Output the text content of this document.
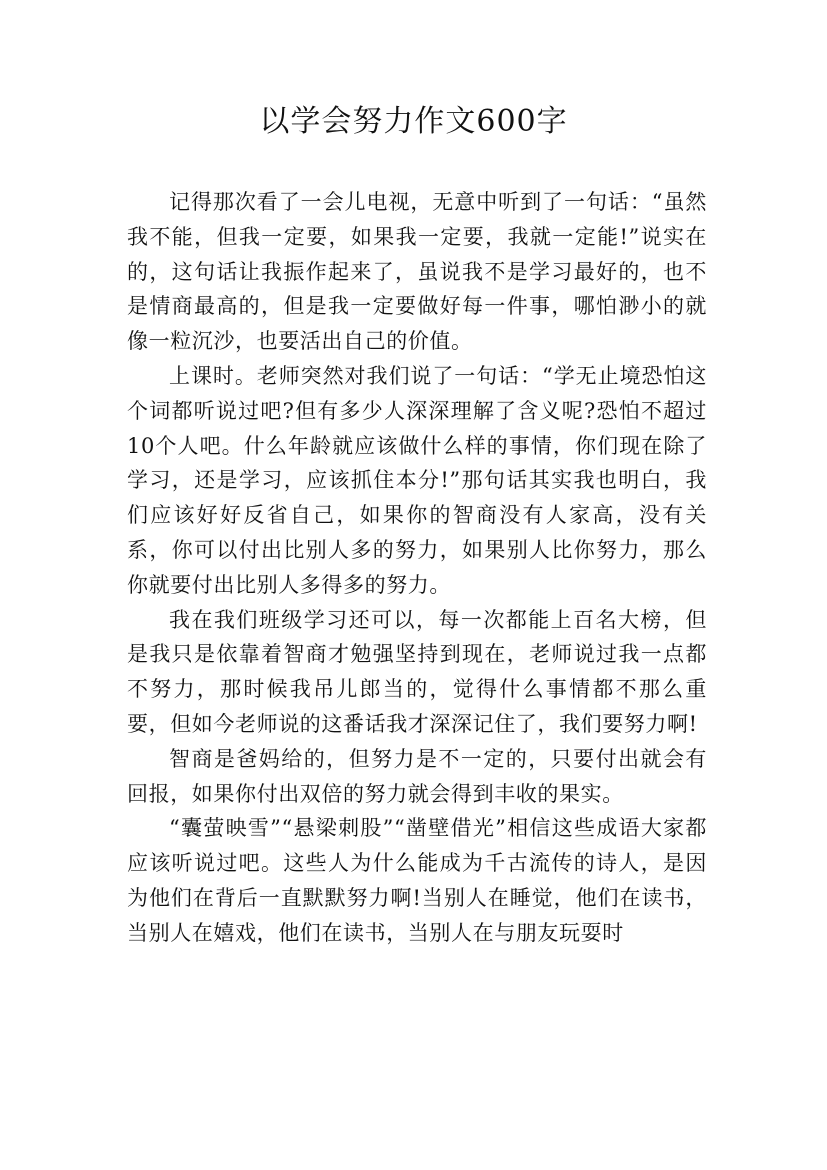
以学会努力作文600字

记得那次看了一会儿电视，无意中听到了一句话：“虽然我不能，但我一定要，如果我一定要，我就一定能!”说实在的，这句话让我振作起来了，虽说我不是学习最好的，也不是情商最高的，但是我一定要做好每一件事，哪怕渺小的就像一粒沉沙，也要活出自己的价值。

上课时。老师突然对我们说了一句话：“学无止境恐怕这个词都听说过吧?但有多少人深深理解了含义呢?恐怕不超过10个人吧。什么年龄就应该做什么样的事情，你们现在除了学习，还是学习，应该抓住本分!”那句话其实我也明白，我们应该好好反省自己，如果你的智商没有人家高，没有关系，你可以付出比别人多的努力，如果别人比你努力，那么你就要付出比别人多得多的努力。

我在我们班级学习还可以，每一次都能上百名大榜，但是我只是依靠着智商才勉强坚持到现在，老师说过我一点都不努力，那时候我吊儿郎当的，觉得什么事情都不那么重要，但如今老师说的这番话我才深深记住了，我们要努力啊!

智商是爸妈给的，但努力是不一定的，只要付出就会有回报，如果你付出双倍的努力就会得到丰收的果实。

“囊萤映雪”“悬梁刺股”“凿壁借光”相信这些成语大家都应该听说过吧。这些人为什么能成为千古流传的诗人，是因为他们在背后一直默默努力啊!当别人在睡觉，他们在读书，当别人在嬉戏，他们在读书，当别人在与朋友玩耍时
